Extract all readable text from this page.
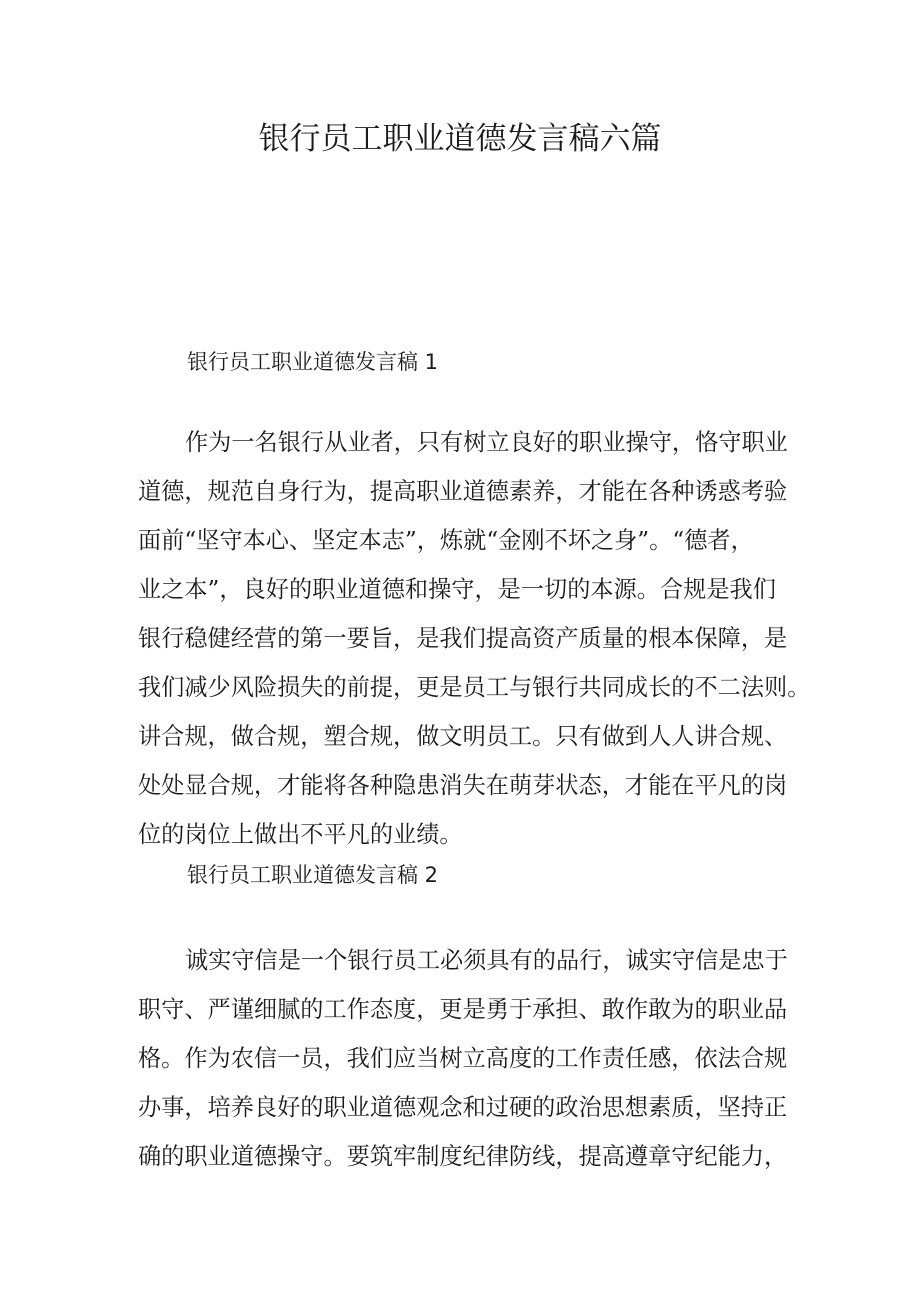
银行员工职业道德发言稿六篇
银行员工职业道德发言稿 1
作为一名银行从业者，只有树立良好的职业操守，恪守职业
道德，规范自身行为，提高职业道德素养，才能在各种诱惑考验
面前“坚守本心、坚定本志”，炼就“金刚不坏之身”。“德者，
业之本”，良好的职业道德和操守，是一切的本源。合规是我们
银行稳健经营的第一要旨，是我们提高资产质量的根本保障，是
我们减少风险损失的前提，更是员工与银行共同成长的不二法则。
讲合规，做合规，塑合规，做文明员工。只有做到人人讲合规、
处处显合规，才能将各种隐患消失在萌芽状态，才能在平凡的岗
位的岗位上做出不平凡的业绩。
银行员工职业道德发言稿 2
诚实守信是一个银行员工必须具有的品行，诚实守信是忠于
职守、严谨细腻的工作态度，更是勇于承担、敢作敢为的职业品
格。作为农信一员，我们应当树立高度的工作责任感，依法合规
办事，培养良好的职业道德观念和过硬的政治思想素质，坚持正
确的职业道德操守。要筑牢制度纪律防线，提高遵章守纪能力，
